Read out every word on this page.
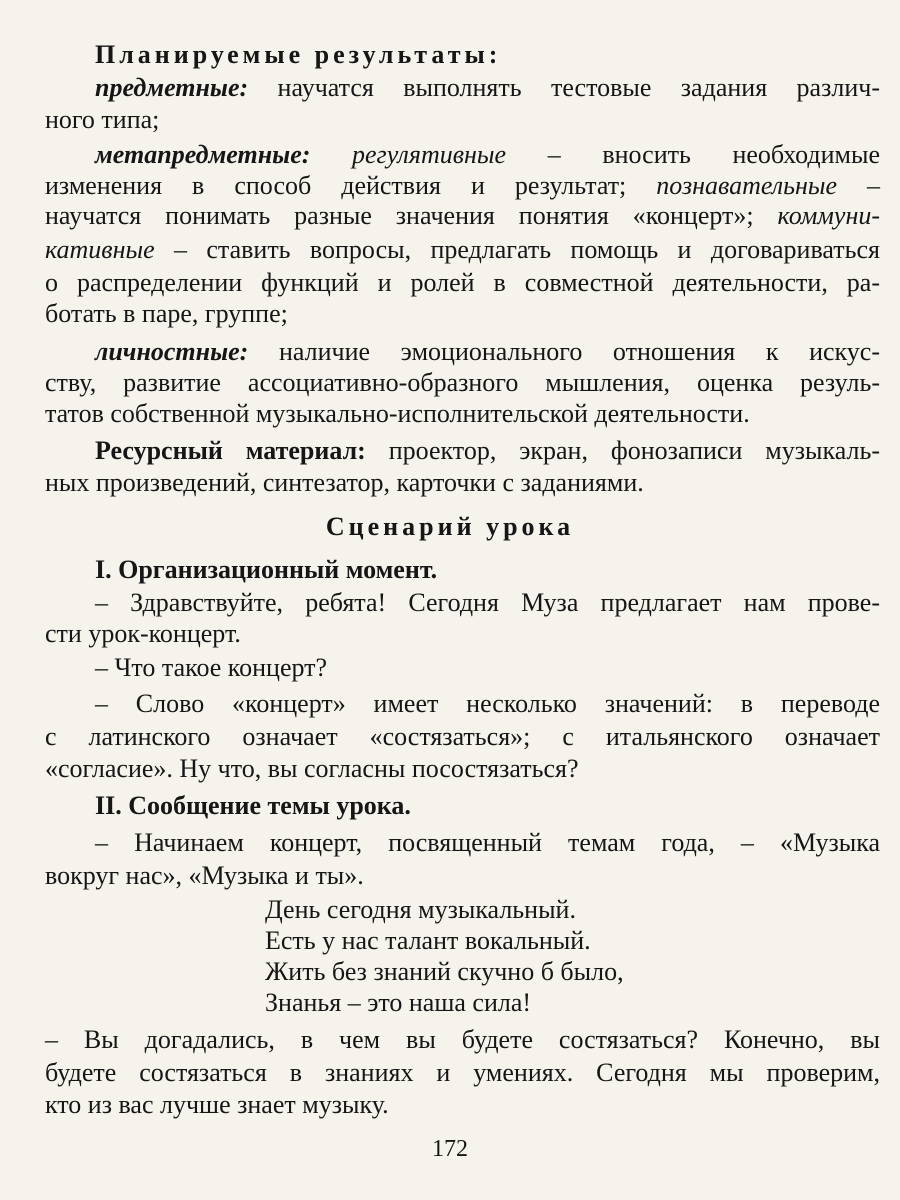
Планируемые результаты:
предметные: научатся выполнять тестовые задания различ-
ного типа;
метапредметные: регулятивные – вносить необходимые
изменения в способ действия и результат; познавательные –
научатся понимать разные значения понятия «концерт»; коммуни-
кативные – ставить вопросы, предлагать помощь и договариваться
о распределении функций и ролей в совместной деятельности, ра-
ботать в паре, группе;
личностные: наличие эмоционального отношения к искус-
ству, развитие ассоциативно-образного мышления, оценка резуль-
татов собственной музыкально-исполнительской деятельности.
Ресурсный материал: проектор, экран, фонозаписи музыкаль-
ных произведений, синтезатор, карточки с заданиями.
Сценарий урока
I. Организационный момент.
– Здравствуйте, ребята! Сегодня Муза предлагает нам прове-
сти урок-концерт.
– Что такое концерт?
– Слово «концерт» имеет несколько значений: в переводе
с латинского означает «состязаться»; с итальянского означает
«согласие». Ну что, вы согласны посостязаться?
II. Сообщение темы урока.
– Начинаем концерт, посвященный темам года, – «Музыка
вокруг нас», «Музыка и ты».
День сегодня музыкальный.
Есть у нас талант вокальный.
Жить без знаний скучно б было,
Знанья – это наша сила!
– Вы догадались, в чем вы будете состязаться? Конечно, вы
будете состязаться в знаниях и умениях. Сегодня мы проверим,
кто из вас лучше знает музыку.
172
